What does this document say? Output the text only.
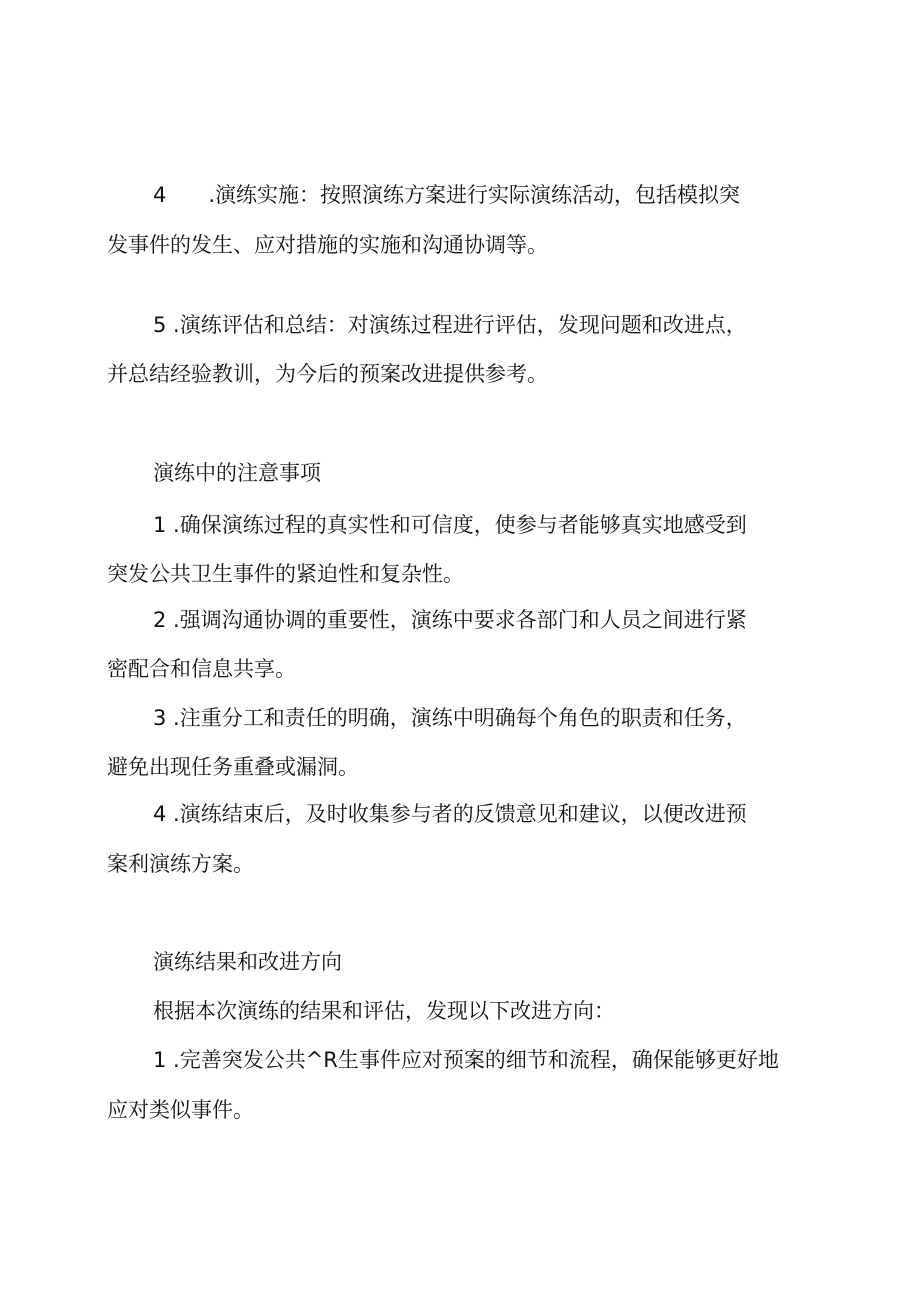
4　　.演练实施：按照演练方案进行实际演练活动，包括模拟突
发事件的发生、应对措施的实施和沟通协调等。
5 .演练评估和总结：对演练过程进行评估，发现问题和改进点，
并总结经验教训，为今后的预案改进提供参考。
演练中的注意事项
1 .确保演练过程的真实性和可信度，使参与者能够真实地感受到
突发公共卫生事件的紧迫性和复杂性。
2 .强调沟通协调的重要性，演练中要求各部门和人员之间进行紧
密配合和信息共享。
3 .注重分工和责任的明确，演练中明确每个角色的职责和任务，
避免出现任务重叠或漏洞。
4 .演练结束后，及时收集参与者的反馈意见和建议，以便改进预
案利演练方案。
演练结果和改进方向
根据本次演练的结果和评估，发现以下改进方向：
1 .完善突发公共^R生事件应对预案的细节和流程，确保能够更好地
应对类似事件。
